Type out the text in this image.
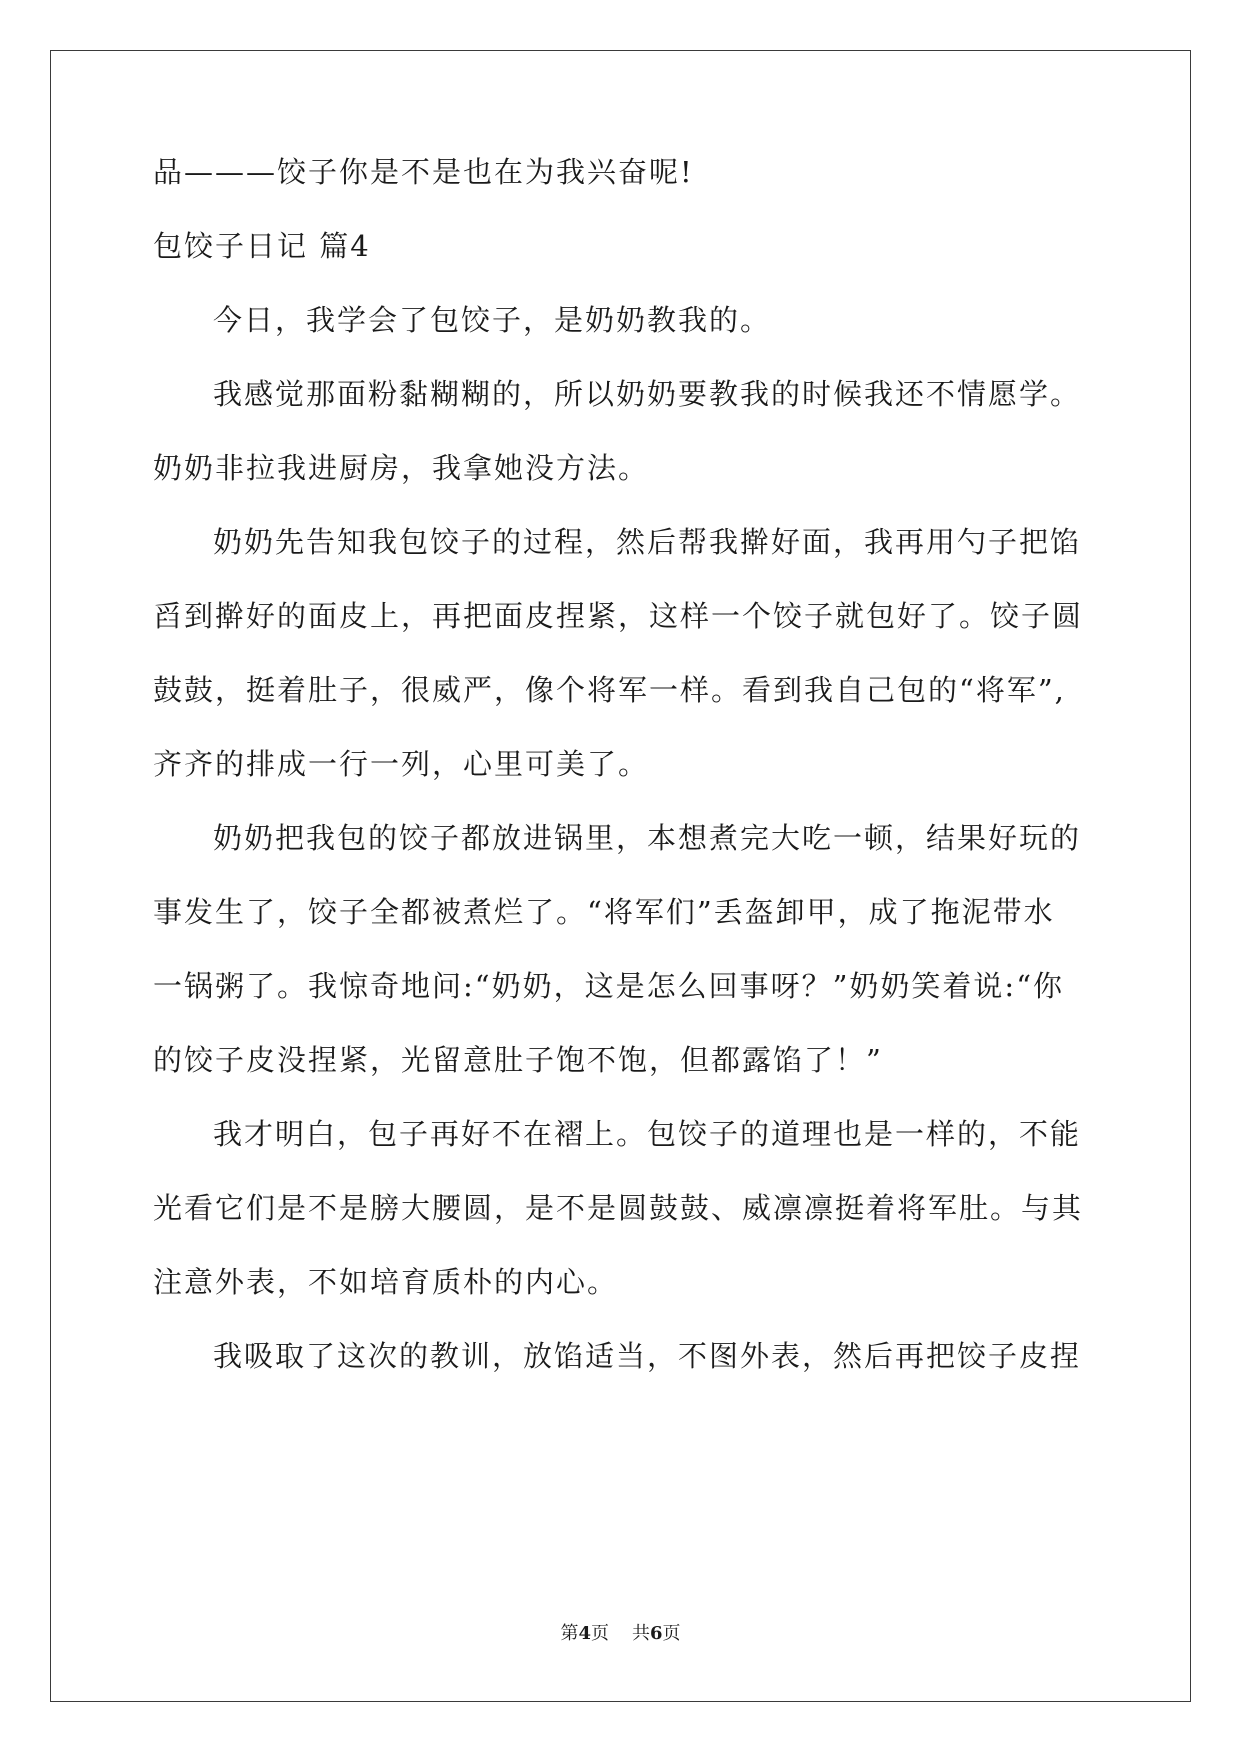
品———饺子你是不是也在为我兴奋呢!
包饺子日记 篇4
今日，我学会了包饺子，是奶奶教我的。
我感觉那面粉黏糊糊的，所以奶奶要教我的时候我还不情愿学。
奶奶非拉我进厨房，我拿她没方法。
奶奶先告知我包饺子的过程，然后帮我擀好面，我再用勺子把馅
舀到擀好的面皮上，再把面皮捏紧，这样一个饺子就包好了。饺子圆
鼓鼓，挺着肚子，很威严，像个将军一样。看到我自己包的“将军”,
齐齐的排成一行一列，心里可美了。
奶奶把我包的饺子都放进锅里，本想煮完大吃一顿，结果好玩的
事发生了，饺子全都被煮烂了。“将军们”丢盔卸甲，成了拖泥带水
一锅粥了。我惊奇地问:“奶奶，这是怎么回事呀？”奶奶笑着说:“你
的饺子皮没捏紧，光留意肚子饱不饱，但都露馅了！”
我才明白，包子再好不在褶上。包饺子的道理也是一样的，不能
光看它们是不是膀大腰圆，是不是圆鼓鼓、威凛凛挺着将军肚。与其
注意外表，不如培育质朴的内心。
我吸取了这次的教训，放馅适当，不图外表，然后再把饺子皮捏
第4页 共6页
